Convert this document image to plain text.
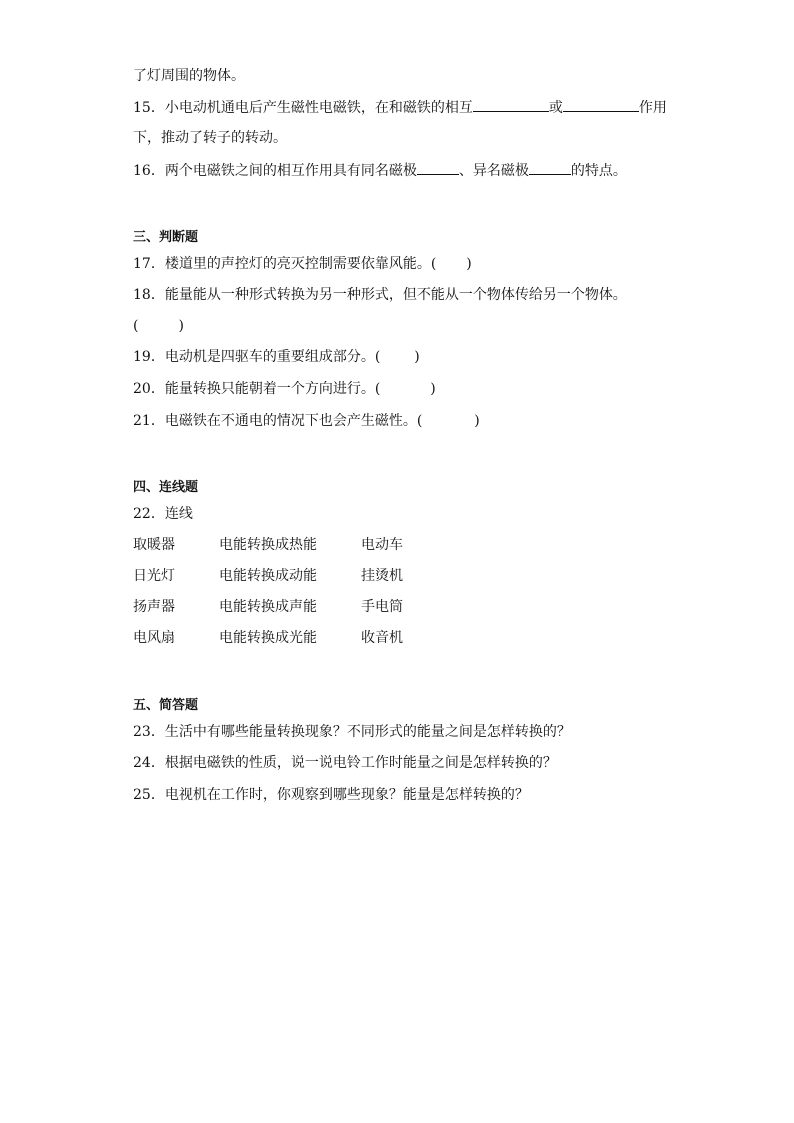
了灯周围的物体。
15．小电动机通电后产生磁性电磁铁，在和磁铁的相互	或	作用
下，推动了转子的转动。
16．两个电磁铁之间的相互作用具有同名磁极	、异名磁极	的特点。
三、判断题
17．楼道里的声控灯的亮灭控制需要依靠风能。( )
18．能量能从一种形式转换为另一种形式，但不能从一个物体传给另一个物体。
(	)
19．电动机是四驱车的重要组成部分。( )
20．能量转换只能朝着一个方向进行。(	)
21．电磁铁在不通电的情况下也会产生磁性。(	)
四、连线题
22．连线
取暖器	电能转换成热能	电动车
日光灯	电能转换成动能	挂烫机
扬声器	电能转换成声能	手电筒
电风扇	电能转换成光能	收音机
五、简答题
23．生活中有哪些能量转换现象？不同形式的能量之间是怎样转换的？
24．根据电磁铁的性质，说一说电铃工作时能量之间是怎样转换的？
25．电视机在工作时，你观察到哪些现象？能量是怎样转换的？
